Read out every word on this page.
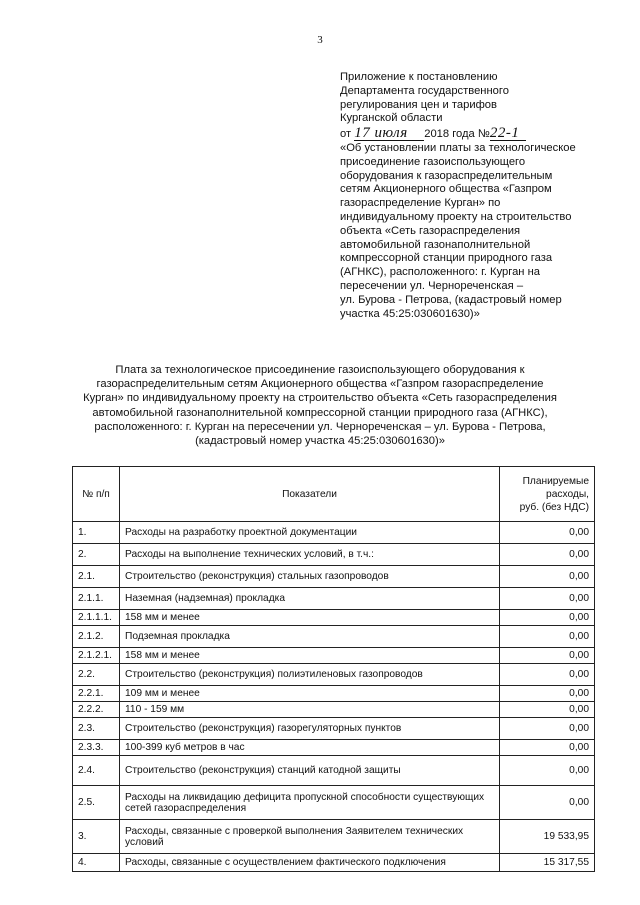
3
Приложение к постановлению
Департамента государственного
регулирования цен и тарифов
Курганской области
от 17 июля 2018 года №22-1
«Об установлении платы за технологическое
присоединение газоиспользующего
оборудования к газораспределительным
сетям Акционерного общества «Газпром
газораспределение Курган» по
индивидуальному проекту на строительство
объекта «Сеть газораспределения
автомобильной газонаполнительной
компрессорной станции природного газа
(АГНКС), расположенного: г. Курган на
пересечении ул. Черноречeнская –
ул. Бурова - Петрова, (кадастровый номер
участка 45:25:030601630)»
Плата за технологическое присоединение газоиспользующего оборудования к
газораспределительным сетям Акционерного общества «Газпром газораспределение
Курган» по индивидуальному проекту на строительство объекта «Сеть газораспределения
автомобильной газонаполнительной компрессорной станции природного газа (АГНКС),
расположенного: г. Курган на пересечении ул. Черноречeнская – ул. Бурова - Петрова,
(кадастровый номер участка 45:25:030601630)»
№ п/п	Показатели	Планируемые
расходы,
руб. (без НДС)
1.	Расходы на разработку проектной документации	0,00
2.	Расходы на выполнение технических условий, в т.ч.:	0,00
2.1.	Строительство (реконструкция) стальных газопроводов	0,00
2.1.1.	Наземная (надземная) прокладка	0,00
2.1.1.1.	158 мм и менее	0,00
2.1.2.	Подземная прокладка	0,00
2.1.2.1.	158 мм и менее	0,00
2.2.	Строительство (реконструкция) полиэтиленовых газопроводов	0,00
2.2.1.	109 мм и менее	0,00
2.2.2.	110 - 159 мм	0,00
2.3.	Строительство (реконструкция) газорегуляторных пунктов	0,00
2.3.3.	100-399 куб метров в час	0,00
2.4.	Строительство (реконструкция) станций катодной защиты	0,00
2.5.	Расходы на ликвидацию дефицита пропускной способности существующих сетей газораспределения	0,00
3.	Расходы, связанные с проверкой выполнения Заявителем технических условий	19 533,95
4.	Расходы, связанные с осуществлением фактического подключения	15 317,55
